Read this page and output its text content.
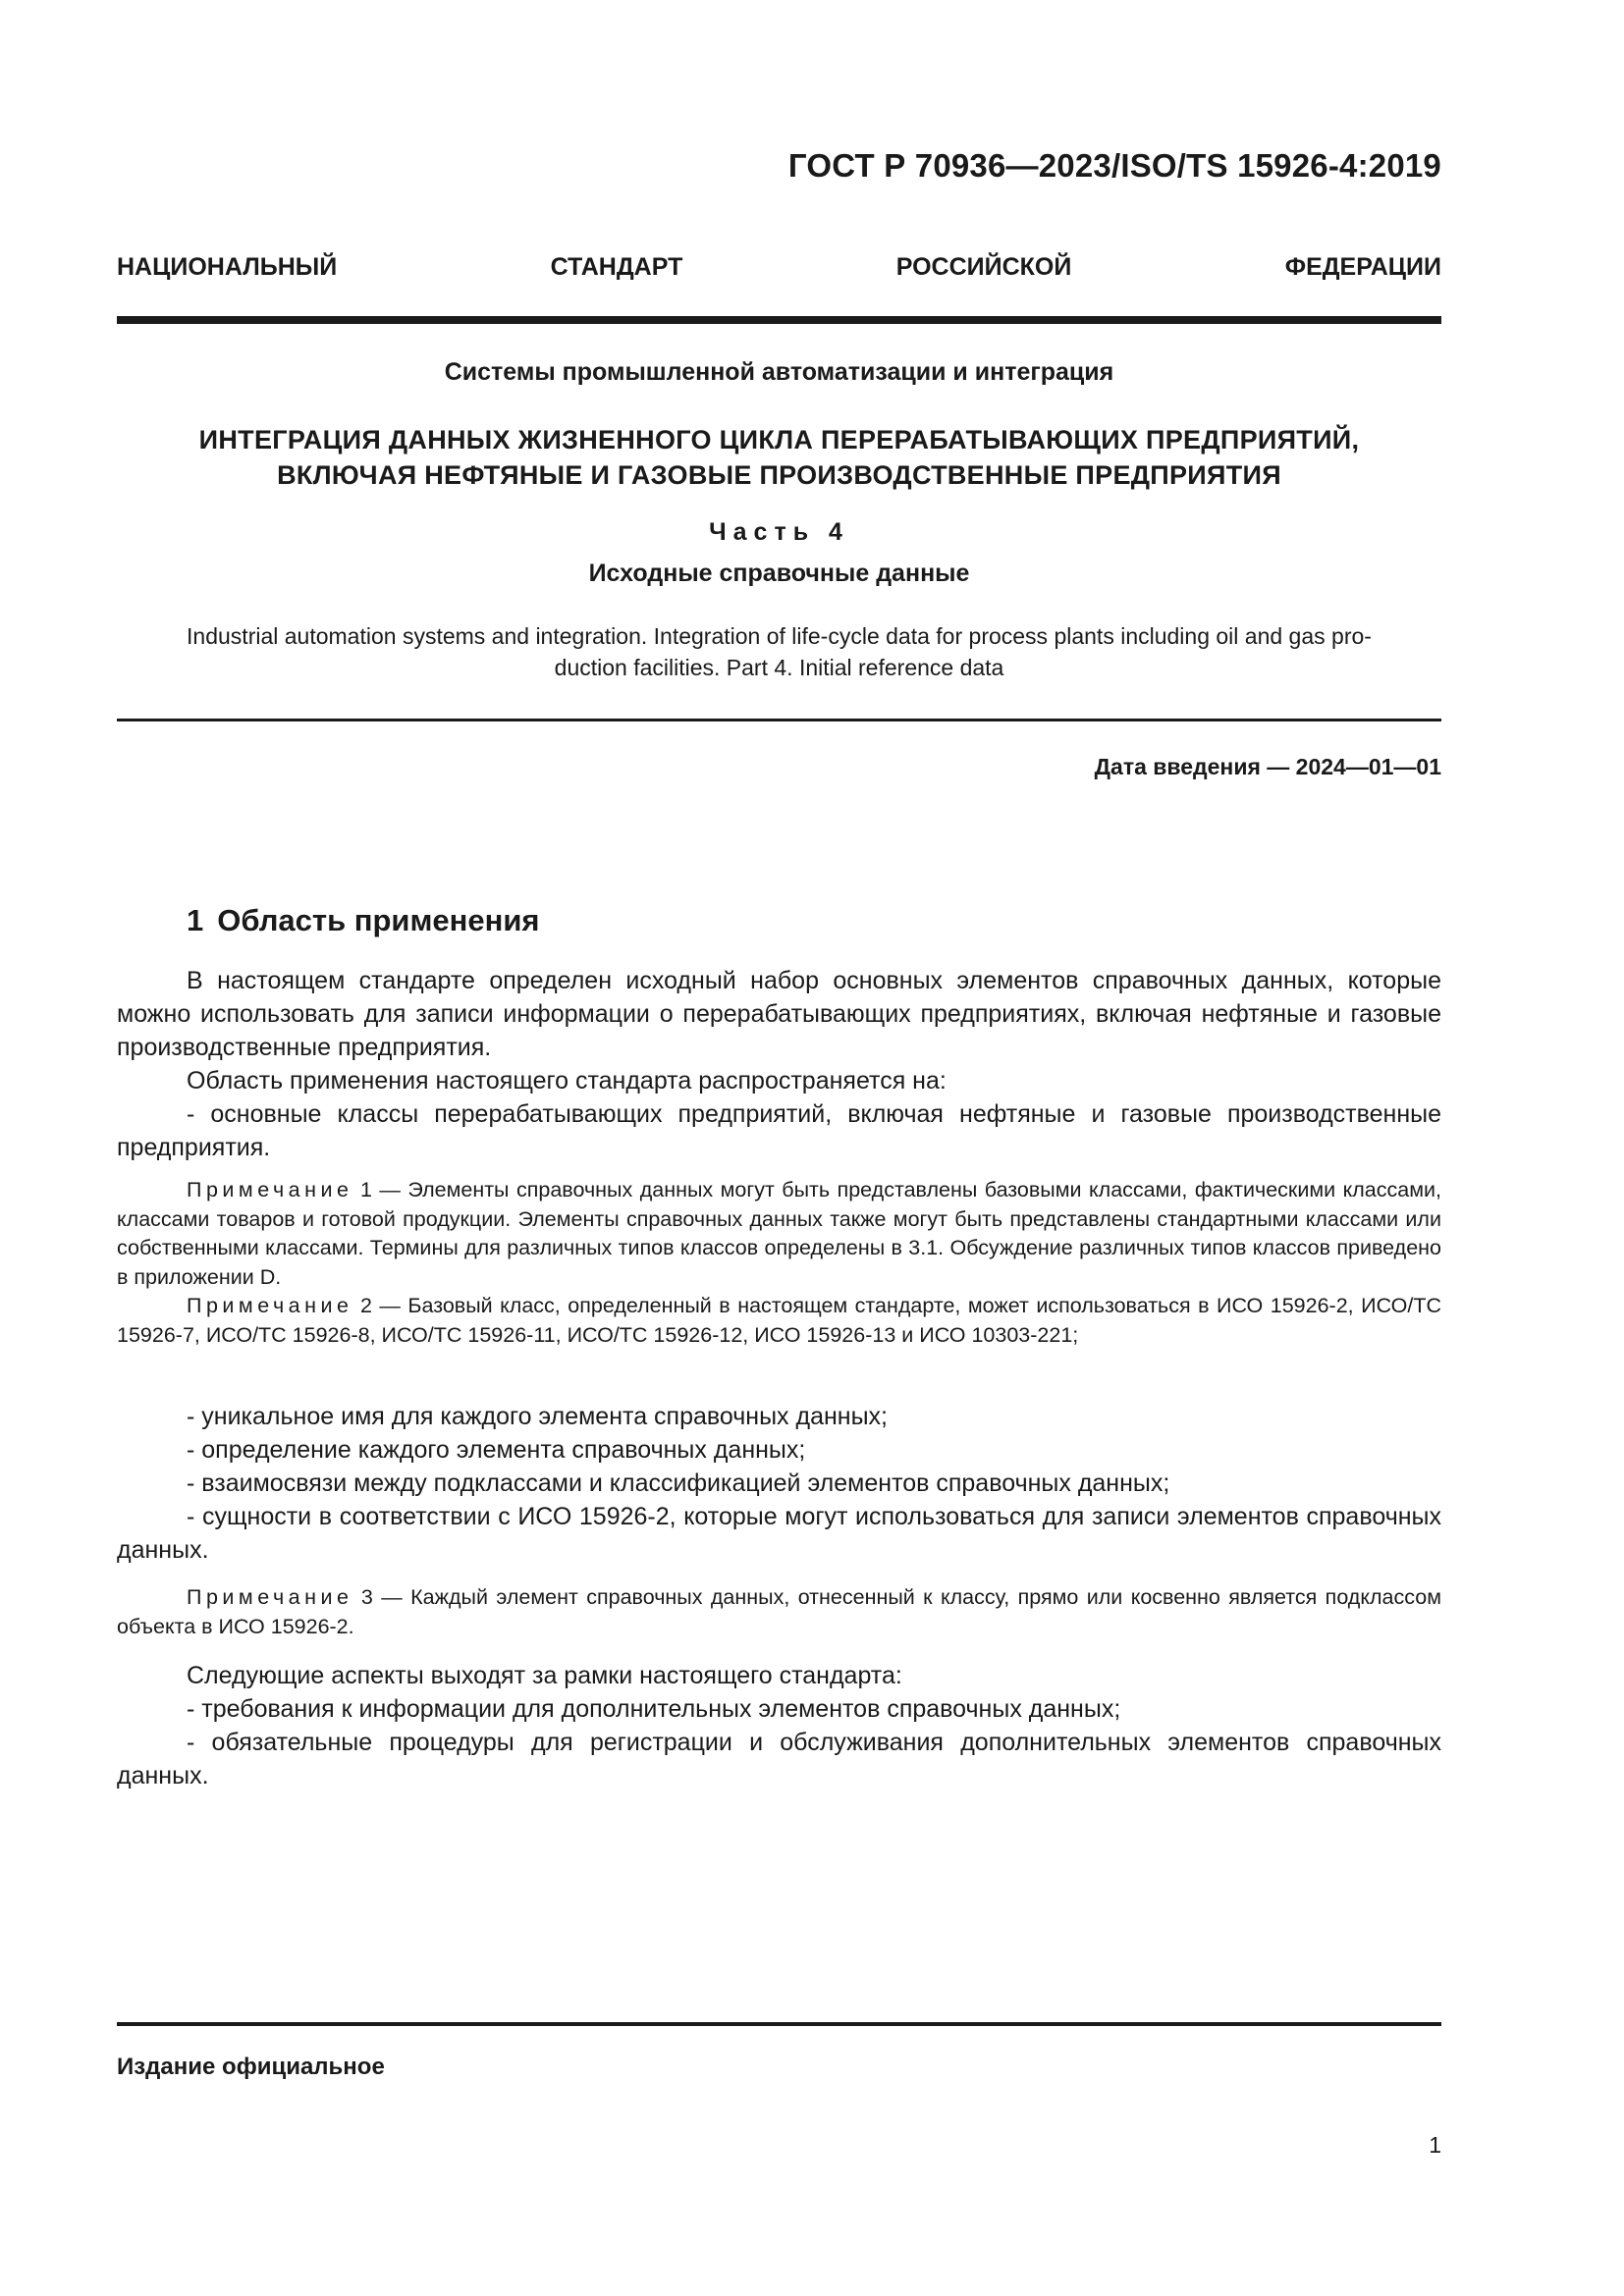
ГОСТ Р 70936—2023/ISO/TS 15926-4:2019
НАЦИОНАЛЬНЫЙ	СТАНДАРТ	РОССИЙСКОЙ	ФЕДЕРАЦИИ
Системы промышленной автоматизации и интеграция
ИНТЕГРАЦИЯ ДАННЫХ ЖИЗНЕННОГО ЦИКЛА ПЕРЕРАБАТЫВАЮЩИХ ПРЕДПРИЯТИЙ,
ВКЛЮЧАЯ НЕФТЯНЫЕ И ГАЗОВЫЕ ПРОИЗВОДСТВЕННЫЕ ПРЕДПРИЯТИЯ
Часть 4
Исходные справочные данные
Industrial automation systems and integration. Integration of life-cycle data for process plants including oil and gas pro-
duction facilities. Part 4. Initial reference data
Дата введения — 2024—01—01
1 Область применения

В настоящем стандарте определен исходный набор основных элементов справочных данных, которые можно использовать для записи информации о перерабатывающих предприятиях, включая нефтяные и газовые производственные предприятия.

Область применения настоящего стандарта распространяется на:

- основные классы перерабатывающих предприятий, включая нефтяные и газовые производственные предприятия.

Примечание 1 — Элементы справочных данных могут быть представлены базовыми классами, фактическими классами, классами товаров и готовой продукции. Элементы справочных данных также могут быть представлены стандартными классами или собственными классами. Термины для различных типов классов определены в 3.1. Обсуждение различных типов классов приведено в приложении D.

Примечание 2 — Базовый класс, определенный в настоящем стандарте, может использоваться в ИСО 15926-2, ИСО/ТС 15926-7, ИСО/ТС 15926-8, ИСО/ТС 15926-11, ИСО/ТС 15926-12, ИСО 15926-13 и ИСО 10303-221;

- уникальное имя для каждого элемента справочных данных;

- определение каждого элемента справочных данных;

- взаимосвязи между подклассами и классификацией элементов справочных данных;

- сущности в соответствии с ИСО 15926-2, которые могут использоваться для записи элементов справочных данных.

Примечание 3 — Каждый элемент справочных данных, отнесенный к классу, прямо или косвенно является подклассом объекта в ИСО 15926-2.

Следующие аспекты выходят за рамки настоящего стандарта:

- требования к информации для дополнительных элементов справочных данных;

- обязательные процедуры для регистрации и обслуживания дополнительных элементов справочных данных.

Издание официальное
1
